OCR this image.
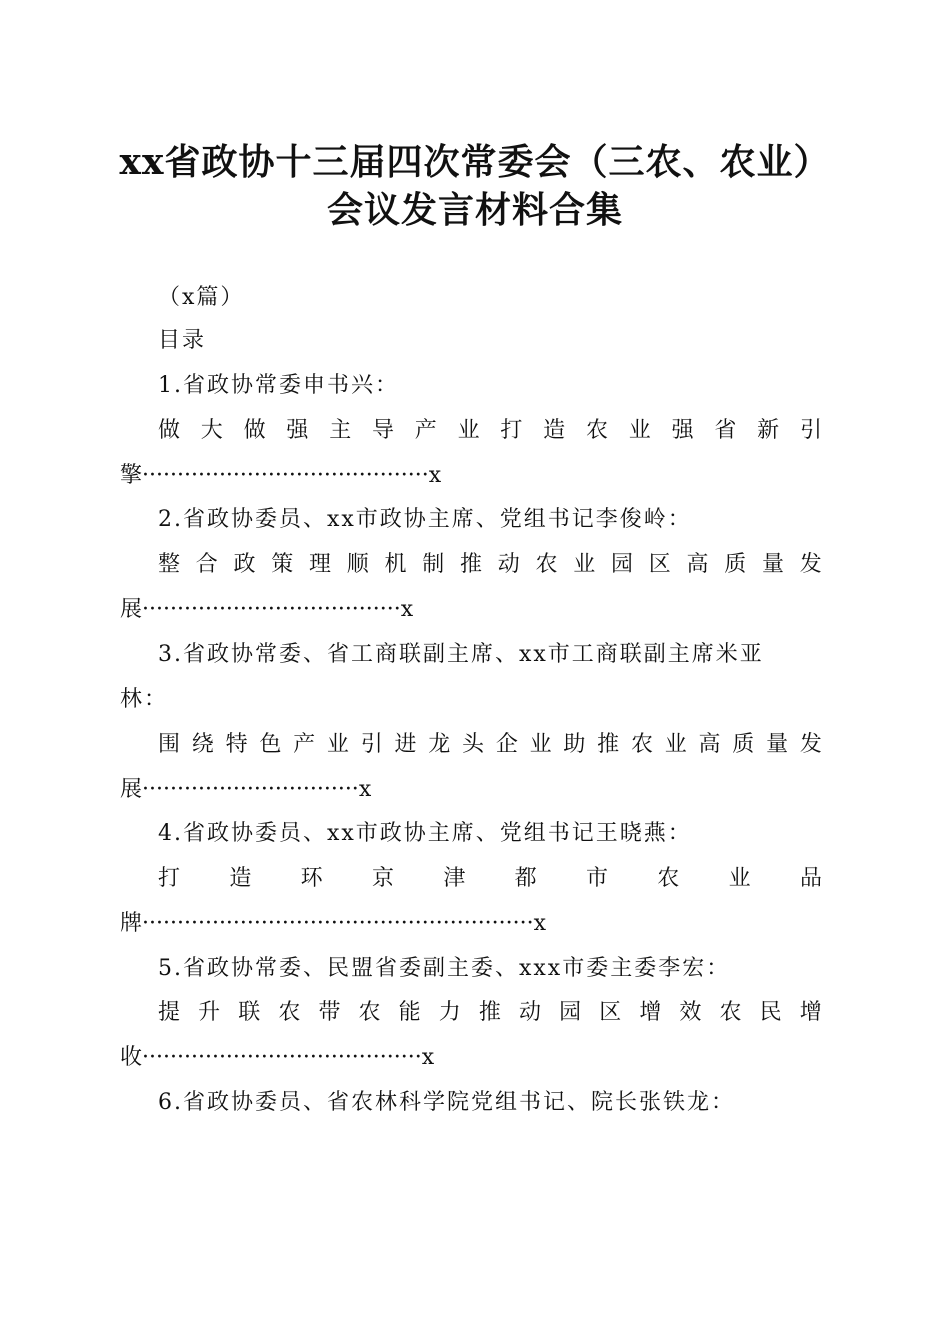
xx省政协十三届四次常委会（三农、农业）
会议发言材料合集
（x篇）
目录
1.省政协常委申书兴：
做 大 做 强 主 导 产 业 打 造 农 业 强 省 新 引
擎·········································x
2.省政协委员、xx市政协主席、党组书记李俊岭：
整 合 政 策 理 顺 机 制 推 动 农 业 园 区 高 质 量 发
展·····································x
3.省政协常委、省工商联副主席、xx市工商联副主席米亚
林：
围 绕 特 色 产 业 引 进 龙 头 企 业 助 推 农 业 高 质 量 发
展·······························x
4.省政协委员、xx市政协主席、党组书记王晓燕：
打 造 环 京 津 都 市 农 业 品
牌························································x
5.省政协常委、民盟省委副主委、xxx市委主委李宏：
提 升 联 农 带 农 能 力 推 动 园 区 增 效 农 民 增
收········································x
6.省政协委员、省农林科学院党组书记、院长张铁龙：
